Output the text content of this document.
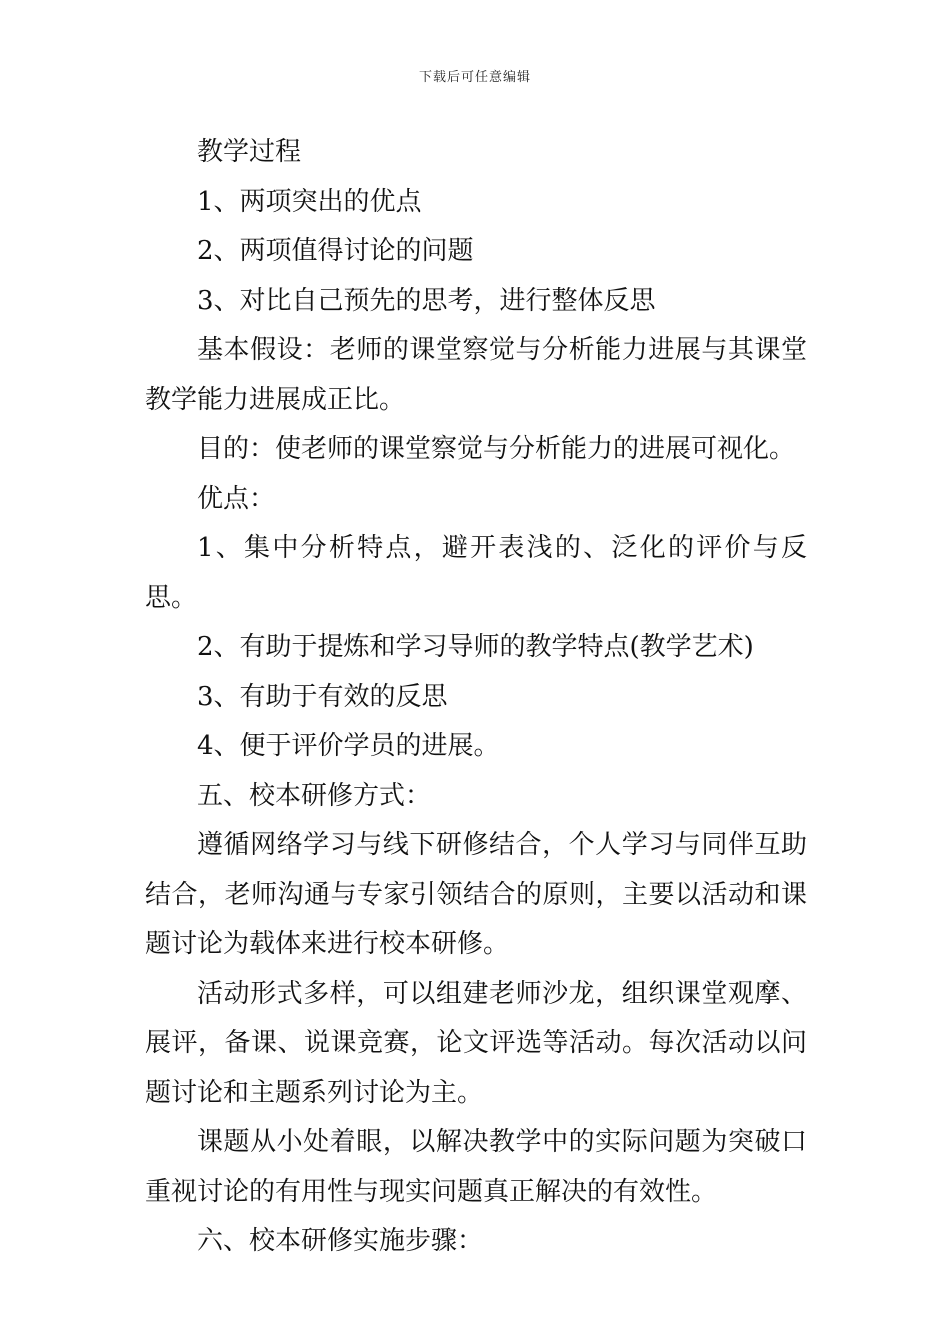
下载后可任意编辑

教学过程

1、两项突出的优点

2、两项值得讨论的问题

3、对比自己预先的思考，进行整体反思

基本假设：老师的课堂察觉与分析能力进展与其课堂教学能力进展成正比。

目的：使老师的课堂察觉与分析能力的进展可视化。

优点：

1、集中分析特点，避开表浅的、泛化的评价与反思。

2、有助于提炼和学习导师的教学特点(教学艺术)

3、有助于有效的反思

4、便于评价学员的进展。

五、校本研修方式：

遵循网络学习与线下研修结合，个人学习与同伴互助结合，老师沟通与专家引领结合的原则，主要以活动和课题讨论为载体来进行校本研修。

活动形式多样，可以组建老师沙龙，组织课堂观摩、展评，备课、说课竞赛，论文评选等活动。每次活动以问题讨论和主题系列讨论为主。

课题从小处着眼，以解决教学中的实际问题为突破口重视讨论的有用性与现实问题真正解决的有效性。

六、校本研修实施步骤：
